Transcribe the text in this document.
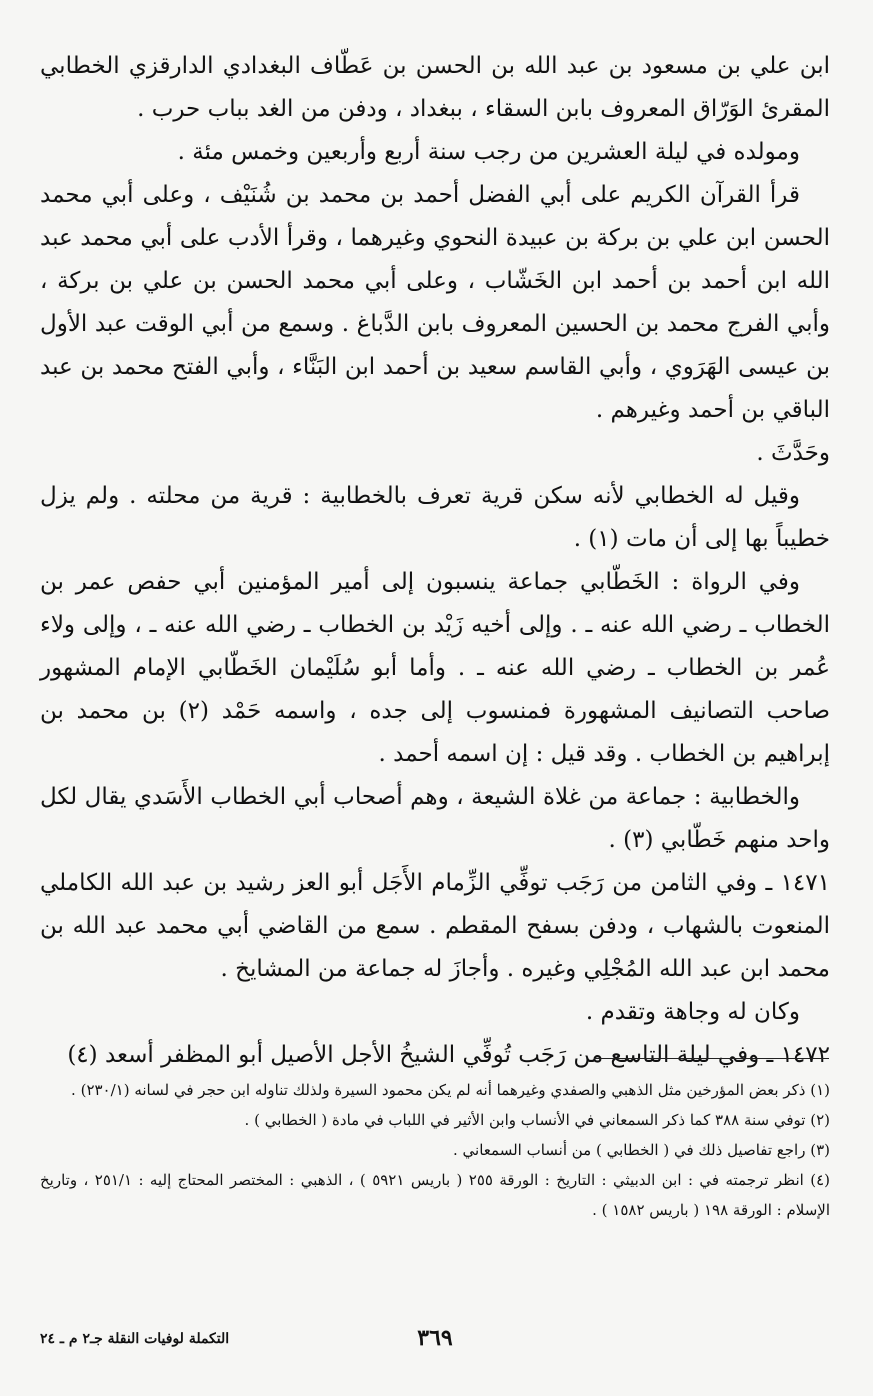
ابن علي بن مسعود بن عبد الله بن الحسن بن عَطّاف البغدادي الدارقزي الخطابي المقرئ الوَرّاق المعروف بابن السقاء ، ببغداد ، ودفن من الغد بباب حرب .

ومولده في ليلة العشرين من رجب سنة أربع وأربعين وخمس مئة .

قرأ القرآن الكريم على أبي الفضل أحمد بن محمد بن شُنَيْف ، وعلى أبي محمد الحسن ابن علي بن بركة بن عبيدة النحوي وغيرهما ، وقرأ الأدب على أبي محمد عبد الله ابن أحمد بن أحمد ابن الخَشّاب ، وعلى أبي محمد الحسن بن علي بن بركة ، وأبي الفرج محمد بن الحسين المعروف بابن الدَّباغ . وسمع من أبي الوقت عبد الأول بن عيسى الهَرَوي ، وأبي القاسم سعيد بن أحمد ابن البَنَّاء ، وأبي الفتح محمد بن عبد الباقي بن أحمد وغيرهم .

وحَدَّثَ .

وقيل له الخطابي لأنه سكن قرية تعرف بالخطابية : قرية من محلته . ولم يزل خطيباً بها إلى أن مات (١) .

وفي الرواة : الخَطّابي جماعة ينسبون إلى أمير المؤمنين أبي حفص عمر بن الخطاب ـ رضي الله عنه ـ . وإلى أخيه زَيْد بن الخطاب ـ رضي الله عنه ـ ، وإلى ولاء عُمر بن الخطاب ـ رضي الله عنه ـ . وأما أبو سُلَيْمان الخَطّابي الإمام المشهور صاحب التصانيف المشهورة فمنسوب إلى جده ، واسمه حَمْد (٢) بن محمد بن إبراهيم بن الخطاب . وقد قيل : إن اسمه أحمد .

والخطابية : جماعة من غلاة الشيعة ، وهم أصحاب أبي الخطاب الأَسَدي يقال لكل واحد منهم خَطّابي (٣) .

١٤٧١ ـ وفي الثامن من رَجَب توفِّي الزِّمام الأَجَل أبو العز رشيد بن عبد الله الكاملي المنعوت بالشهاب ، ودفن بسفح المقطم . سمع من القاضي أبي محمد عبد الله بن محمد ابن عبد الله المُجْلِي وغيره . وأجازَ له جماعة من المشايخ .

وكان له وجاهة وتقدم .

١٤٧٢ ـ وفي ليلة التاسع من رَجَب تُوفِّي الشيخُ الأجل الأصيل أبو المظفر أسعد (٤)

(١) ذكر بعض المؤرخين مثل الذهبي والصفدي وغيرهما أنه لم يكن محمود السيرة ولذلك تناوله ابن حجر في لسانه (٢٣٠/١) .

(٢) توفي سنة ٣٨٨ كما ذكر السمعاني في الأنساب وابن الأثير في اللباب في مادة ( الخطابي ) .

(٣) راجع تفاصيل ذلك في ( الخطابي ) من أنساب السمعاني .

(٤) انظر ترجمته في : ابن الدبيثي : التاريخ : الورقة ٢٥٥ ( باريس ٥٩٢١ ) ، الذهبي : المختصر المحتاج إليه : ٢٥١/١ ، وتاريخ الإسلام : الورقة ١٩٨ ( باريس ١٥٨٢ ) .

٣٦٩
التكملة لوفيات النقلة جـ٢ م ـ ٢٤
